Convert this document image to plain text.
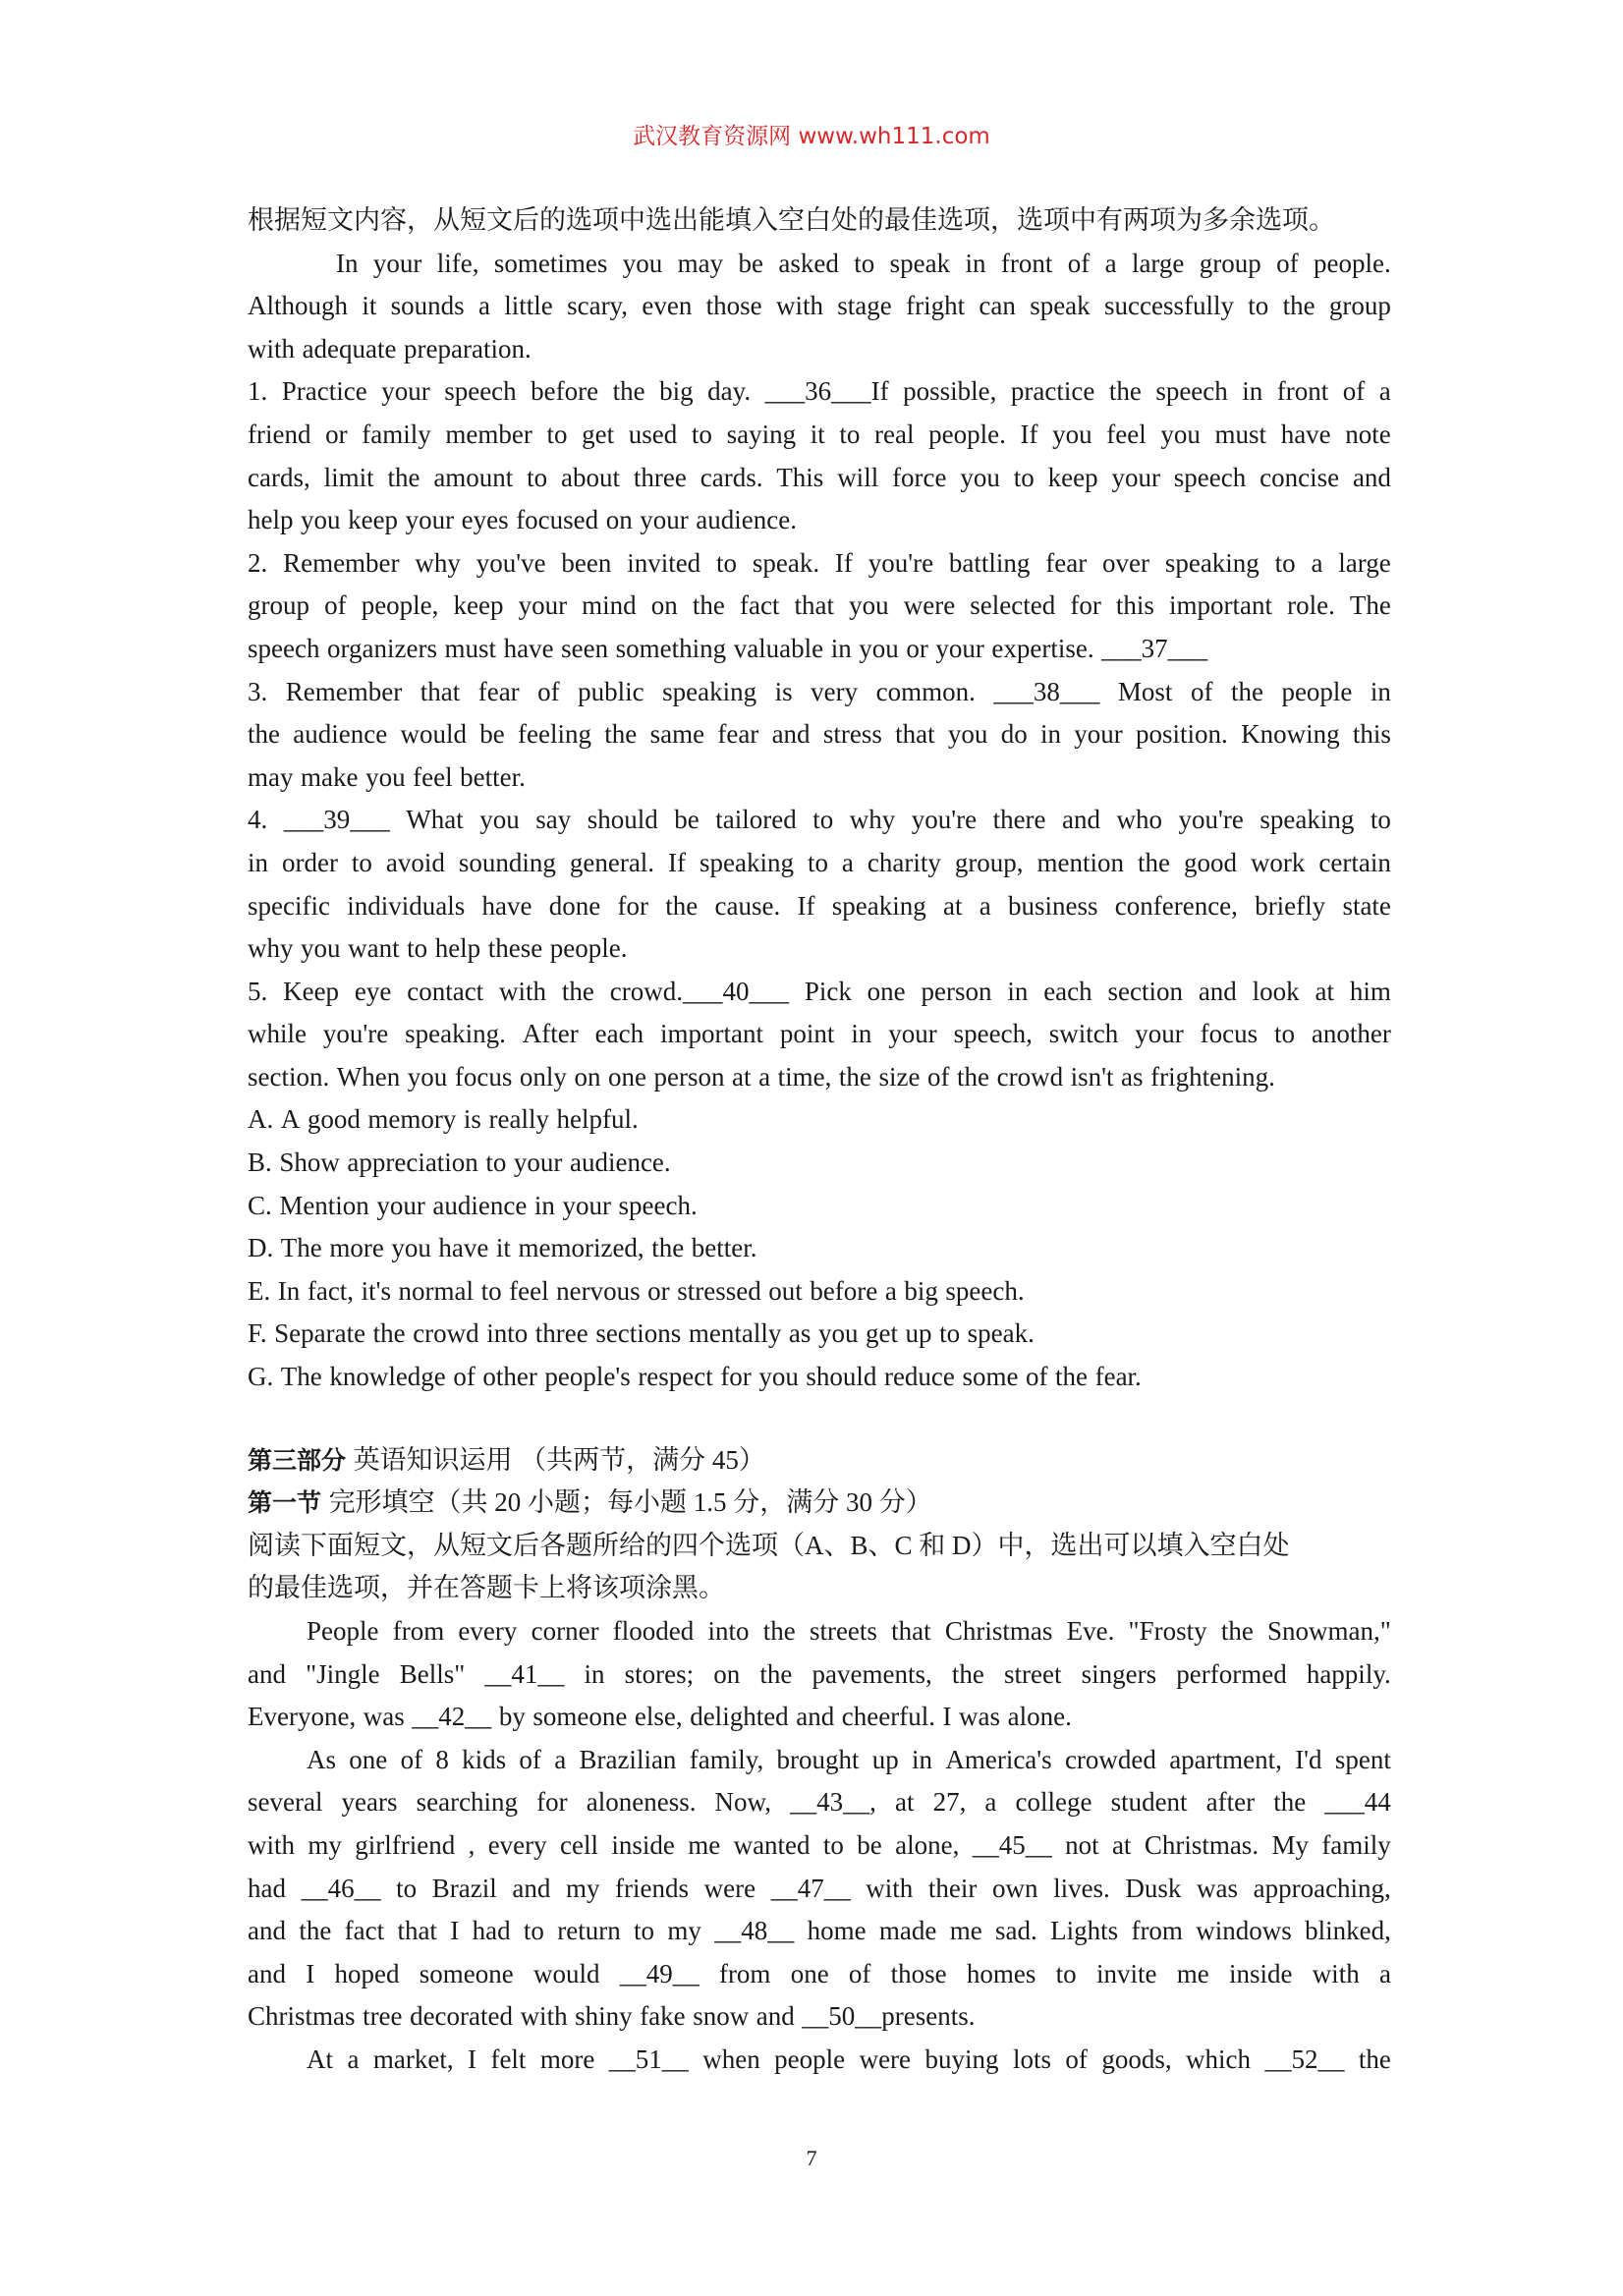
武汉教育资源网 www.wh111.com
根据短文内容，从短文后的选项中选出能填入空白处的最佳选项，选项中有两项为多余选项。
In your life, sometimes you may be asked to speak in front of a large group of people.
Although it sounds a little scary, even those with stage fright can speak successfully to the group
with adequate preparation.
1. Practice your speech before the big day. ___36___If possible, practice the speech in front of a
friend or family member to get used to saying it to real people. If you feel you must have note
cards, limit the amount to about three cards. This will force you to keep your speech concise and
help you keep your eyes focused on your audience.
2. Remember why you've been invited to speak. If you're battling fear over speaking to a large
group of people, keep your mind on the fact that you were selected for this important role. The
speech organizers must have seen something valuable in you or your expertise. ___37___
3. Remember that fear of public speaking is very common. ___38___ Most of the people in
the audience would be feeling the same fear and stress that you do in your position. Knowing this
may make you feel better.
4. ___39___ What you say should be tailored to why you're there and who you're speaking to
in order to avoid sounding general. If speaking to a charity group, mention the good work certain
specific individuals have done for the cause. If speaking at a business conference, briefly state
why you want to help these people.
5. Keep eye contact with the crowd.___40___ Pick one person in each section and look at him
while you're speaking. After each important point in your speech, switch your focus to another
section. When you focus only on one person at a time, the size of the crowd isn't as frightening.
A. A good memory is really helpful.
B. Show appreciation to your audience.
C. Mention your audience in your speech.
D. The more you have it memorized, the better.
E. In fact, it's normal to feel nervous or stressed out before a big speech.
F. Separate the crowd into three sections mentally as you get up to speak.
G. The knowledge of other people's respect for you should reduce some of the fear.
第三部分 英语知识运用 （共两节，满分 45）
第一节 完形填空（共 20 小题；每小题 1.5 分，满分 30 分）
阅读下面短文，从短文后各题所给的四个选项（A、B、C 和 D）中，选出可以填入空白处
的最佳选项，并在答题卡上将该项涂黑。
People from every corner flooded into the streets that Christmas Eve. "Frosty the Snowman,"
and "Jingle Bells" __41__ in stores; on the pavements, the street singers performed happily.
Everyone, was __42__ by someone else, delighted and cheerful. I was alone.
As one of 8 kids of a Brazilian family, brought up in America's crowded apartment, I'd spent
several years searching for aloneness. Now, __43__, at 27, a college student after the ___44
with my girlfriend , every cell inside me wanted to be alone, __45__ not at Christmas. My family
had __46__ to Brazil and my friends were __47__ with their own lives. Dusk was approaching,
and the fact that I had to return to my __48__ home made me sad. Lights from windows blinked,
and I hoped someone would __49__ from one of those homes to invite me inside with a
Christmas tree decorated with shiny fake snow and __50__presents.
At a market, I felt more __51__ when people were buying lots of goods, which __52__ the
7
